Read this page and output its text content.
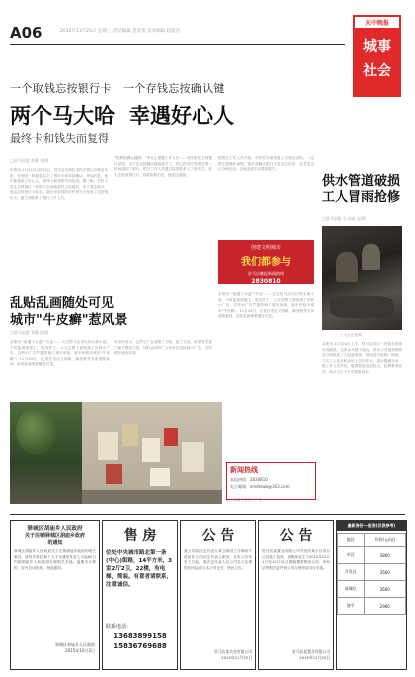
A06	2015年11月25日 星期三 责任编辑 范景贵 美术编辑 超超君
天中晚报
城事
社会
一个取钱忘按银行卡　一个存钱忘按确认键
两个马大哈 幸遇好心人
最终卡和钱失而复得
□驻马店报 胡燕 刘海
本报讯 11月22日和23日，驻马店市两位市民在银行办理业务时，分别因一时疏忽忘记了银行卡和存款确认，幸运的是，他们都遇到了好心人，最终卡和钱都失而复得。据了解，市民王先生在驿城区一家银行自助取款机上取款后，由于着急离开，竟忘记将银行卡取走。随后来取钱的市民李女士发现了这张银行卡，便立即联系了银行工作人员。
"你要按确认键啊。"李女士提醒工作人员……市民张先生到银行存钱，由于忘记按确认键就离开了，好心的市民发现后第一时间通知了银行。银行工作人员通过监控联系上了张先生，张先生赶到银行后，钱款如数归还，他连连道谢。
据银行工作人员介绍，市民在自助设备上办理业务时，一定要注意操作流程，离开前确认银行卡是否已取出、业务是否已办理完成，以免造成不必要的损失。
供水管道破损
工人冒雨抢修
□驻马店报 王永刚 文/图
工人正在抢修。
本报讯 11月24日上午，驻马店市区一处供水管道出现破损，自来水从地下涌出。供水公司接到报修后立即组织工人赶赴现场，冒雨进行抢修。现场，几名工人站在积水的土坑内作业，泥水溅满全身。据工作人员介绍，破损管道直径较大，抢修难度较高，预计当天下午可恢复供水。
创建文明城市
我们都参与
驻马店晚报新闻热线
2830810
乱贴乱画随处可见
城市"牛皮癣"惹风景
□驻马店报 刘燕文/图
本报讯 "疏通下水道""办证"……走在驻马店市区的大街小巷，不时能看到墙上、电线杆上、公交站牌上被贴满了各种小广告，这些小广告严重影响了城市形象，被市民称为城市"牛皮癣"。11月24日，记者在市区文明路、解放路等多条道路看到，乱贴乱画现象随处可见。
有市民表示，这些小广告清理了又贴，贴了又清，希望有关部门加大整治力度，同时也呼吁广大市民自觉抵制小广告，共同维护城市环境。
本报讯 "疏通下水道""办证"……走在驻马店市区的大街小巷，不时能看到墙上、电线杆上、公交站牌上被贴满了各种小广告，这些小广告严重影响了城市形象，被市民称为城市"牛皮癣"。11月24日，记者在市区文明路、解放路等多条道路看到，乱贴乱画现象随处可见。
墙上贴满了各类小广告
新闻热线
本报热线：2830810
电子邮箱：zmdtzwb@163.com
驿城区胡庙乡人民政府
关于注销驿城区胡庙乡政府
的通知
驿城区胡庙乡人民政府关于注销胡庙乡政府的相关事宜，请有关单位和个人于本通知发布之日起60日内到胡庙乡人民政府办理相关手续。逾期未办理的，视为自动放弃。特此通知。
驿城区胡庙乡人民政府
2015年10月2日
售 房
位处中央城市路北第一条(中心)街路，14平方米，3室2厅2卫，22楼，有电梯，简装。有意者请联系，注意诚信。
联系电话：
13683899158
15836769688
公 告
我公司原法定代表人章立明因工作调动不再担任公司法定代表人职务，自本公告发布之日起，原法定代表人以公司名义从事的任何活动与本公司无关，特此公告。
驻马店某实业有限公司
2015年11月25日
公 告
驻马店某置业有限公司开发的某小区项目已经竣工验收，请购房业主于2015年12月1日至12月31日期间携带购房合同、身份证等相关证件到公司办理房屋交付手续。
驻马店某置业有限公司
2015年11月25日
最新房价一览表(仅供参考)
地区	均价(元/㎡)
市区	3800
开发区	3500
驿城区	3600
遂平	2900
